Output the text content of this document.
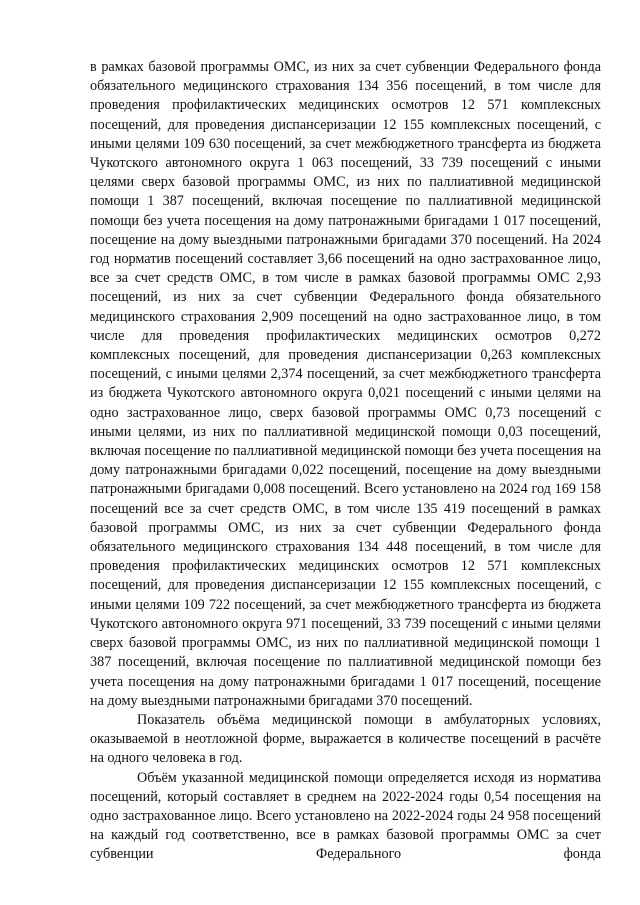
в рамках базовой программы ОМС, из них за счет субвенции Федерального фонда обязательного медицинского страхования 134 356 посещений, в том числе для проведения профилактических медицинских осмотров 12 571 комплексных посещений, для проведения диспансеризации 12 155 комплексных посещений, с иными целями 109 630 посещений, за счет межбюджетного трансферта из бюджета Чукотского автономного округа 1 063 посещений, 33 739 посещений с иными целями сверх базовой программы ОМС, из них по паллиативной медицинской помощи 1 387 посещений, включая посещение по паллиативной медицинской помощи без учета посещения на дому патронажными бригадами 1 017 посещений, посещение на дому выездными патронажными бригадами 370 посещений. На 2024 год норматив посещений составляет 3,66 посещений на одно застрахованное лицо, все за счет средств ОМС, в том числе в рамках базовой программы ОМС 2,93 посещений, из них за счет субвенции Федерального фонда обязательного медицинского страхования 2,909 посещений на одно застрахованное лицо, в том числе для проведения профилактических медицинских осмотров 0,272 комплексных посещений, для проведения диспансеризации 0,263 комплексных посещений, с иными целями 2,374 посещений, за счет межбюджетного трансферта из бюджета Чукотского автономного округа 0,021 посещений с иными целями на одно застрахованное лицо, сверх базовой программы ОМС 0,73 посещений с иными целями, из них по паллиативной медицинской помощи 0,03 посещений, включая посещение по паллиативной медицинской помощи без учета посещения на дому патронажными бригадами 0,022 посещений, посещение на дому выездными патронажными бригадами 0,008 посещений. Всего установлено на 2024 год 169 158 посещений все за счет средств ОМС, в том числе 135 419 посещений в рамках базовой программы ОМС, из них за счет субвенции Федерального фонда обязательного медицинского страхования 134 448 посещений, в том числе для проведения профилактических медицинских осмотров 12 571 комплексных посещений, для проведения диспансеризации 12 155 комплексных посещений, с иными целями 109 722 посещений, за счет межбюджетного трансферта из бюджета Чукотского автономного округа 971 посещений, 33 739 посещений с иными целями сверх базовой программы ОМС, из них по паллиативной медицинской помощи 1 387 посещений, включая посещение по паллиативной медицинской помощи без учета посещения на дому патронажными бригадами 1 017 посещений, посещение на дому выездными патронажными бригадами 370 посещений.

Показатель объёма медицинской помощи в амбулаторных условиях, оказываемой в неотложной форме, выражается в количестве посещений в расчёте на одного человека в год.

Объём указанной медицинской помощи определяется исходя из норматива посещений, который составляет в среднем на 2022-2024 годы 0,54 посещения на одно застрахованное лицо. Всего установлено на 2022-2024 годы 24 958 посещений на каждый год соответственно, все в рамках базовой программы ОМС за счет субвенции Федерального фонда
